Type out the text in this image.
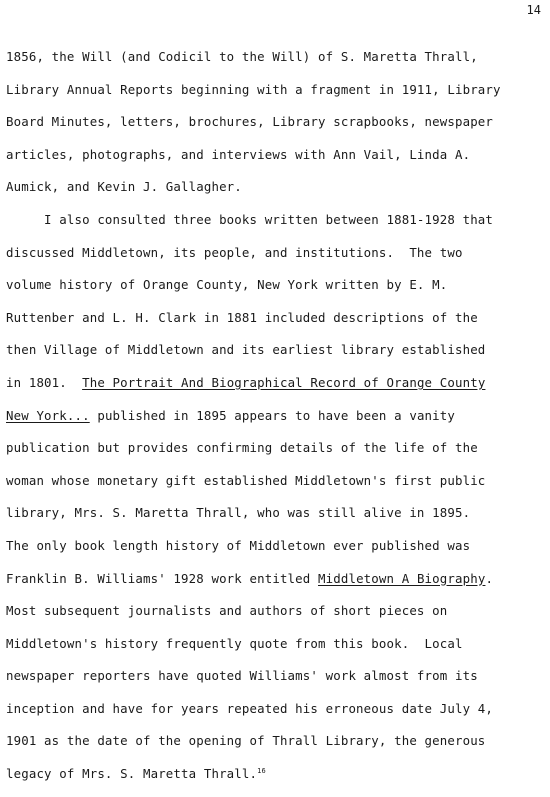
14
1856, the Will (and Codicil to the Will) of S. Maretta Thrall,
Library Annual Reports beginning with a fragment in 1911, Library
Board Minutes, letters, brochures, Library scrapbooks, newspaper
articles, photographs, and interviews with Ann Vail, Linda A.
Aumick, and Kevin J. Gallagher.
I also consulted three books written between 1881-1928 that
discussed Middletown, its people, and institutions.  The two
volume history of Orange County, New York written by E. M.
Ruttenber and L. H. Clark in 1881 included descriptions of the
then Village of Middletown and its earliest library established
in 1801.  The Portrait And Biographical Record of Orange County
New York... published in 1895 appears to have been a vanity
publication but provides confirming details of the life of the
woman whose monetary gift established Middletown's first public
library, Mrs. S. Maretta Thrall, who was still alive in 1895.
The only book length history of Middletown ever published was
Franklin B. Williams' 1928 work entitled Middletown A Biography.
Most subsequent journalists and authors of short pieces on
Middletown's history frequently quote from this book.  Local
newspaper reporters have quoted Williams' work almost from its
inception and have for years repeated his erroneous date July 4,
1901 as the date of the opening of Thrall Library, the generous
legacy of Mrs. S. Maretta Thrall.$^{16}$
